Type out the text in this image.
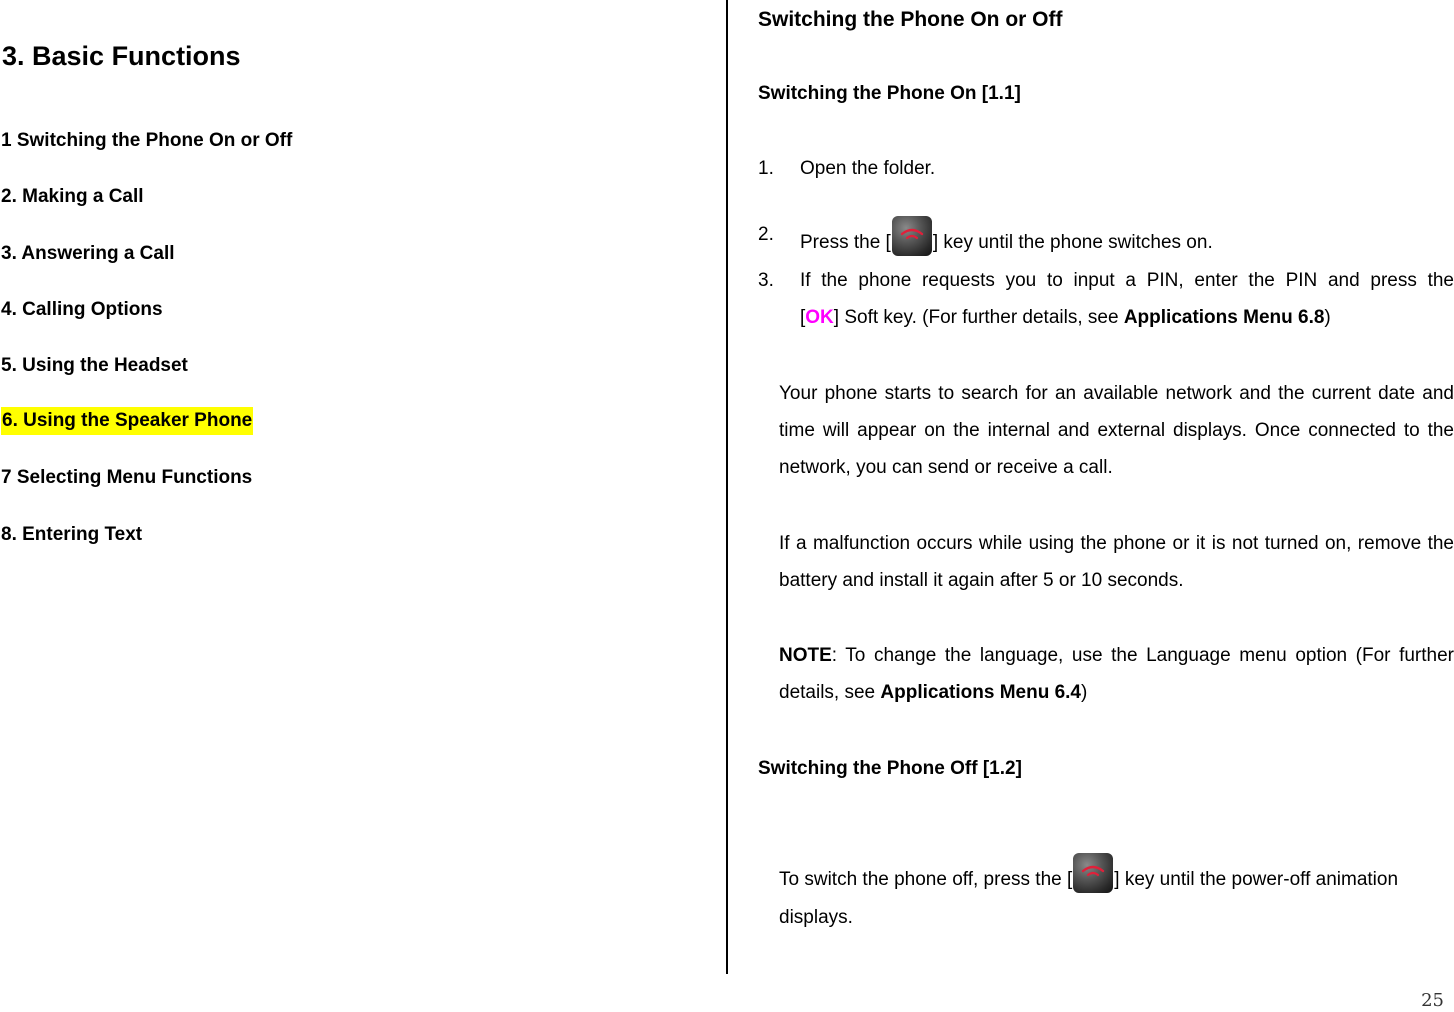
3. Basic Functions

1 Switching the Phone On or Off

2. Making a Call

3. Answering a Call

4. Calling Options

5. Using the Headset

6. Using the Speaker Phone

7 Selecting Menu Functions

8. Entering Text

Switching the Phone On or Off
Switching the Phone On [1.1]
1. Open the folder.
2. Press the [ ] key until the phone switches on.
3. If the phone requests you to input a PIN, enter the PIN and press the
[OK] Soft key. (For further details, see Applications Menu 6.8)
Your phone starts to search for an available network and the current date and time will appear on the internal and external displays. Once connected to the network, you can send or receive a call.
If a malfunction occurs while using the phone or it is not turned on, remove the battery and install it again after 5 or 10 seconds.
NOTE: To change the language, use the Language menu option (For further details, see Applications Menu 6.4)
Switching the Phone Off [1.2]
To switch the phone off, press the [ ] key until the power-off animation
displays.
25
